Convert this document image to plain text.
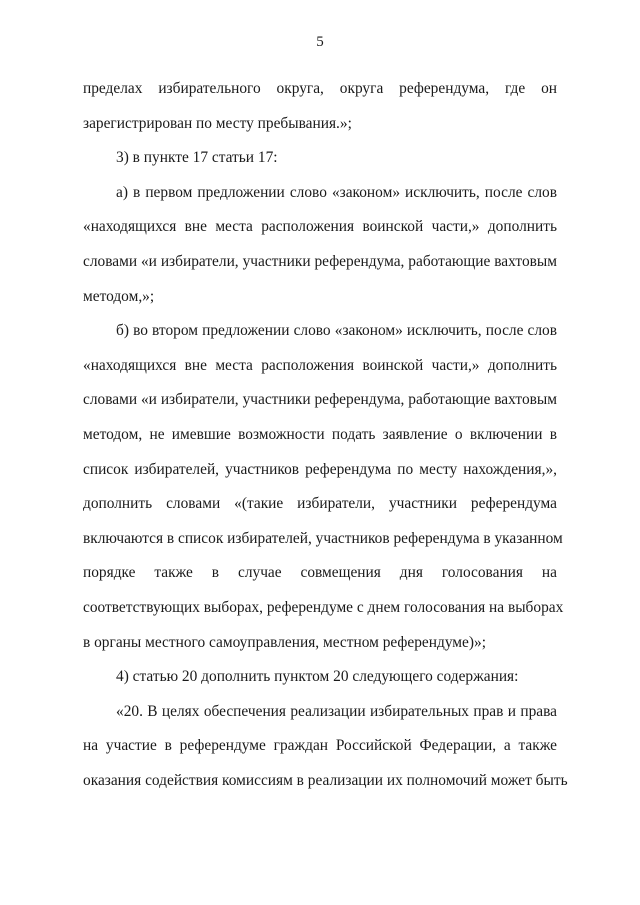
5
пределах избирательного округа, округа референдума, где он
зарегистрирован по месту пребывания.»;
3) в пункте 17 статьи 17:
а) в первом предложении слово «законом» исключить, после слов
«находящихся вне места расположения воинской части,» дополнить
словами «и избиратели, участники референдума, работающие вахтовым
методом,»;
б) во втором предложении слово «законом» исключить, после слов
«находящихся вне места расположения воинской части,» дополнить
словами «и избиратели, участники референдума, работающие вахтовым
методом, не имевшие возможности подать заявление о включении в
список избирателей, участников референдума по месту нахождения,»,
дополнить словами «(такие избиратели, участники референдума
включаются в список избирателей, участников референдума в указанном
порядке также в случае совмещения дня голосования на
соответствующих выборах, референдуме с днем голосования на выборах
в органы местного самоуправления, местном референдуме)»;
4) статью 20 дополнить пунктом 20 следующего содержания:
«20. В целях обеспечения реализации избирательных прав и права
на участие в референдуме граждан Российской Федерации, а также
оказания содействия комиссиям в реализации их полномочий может быть
